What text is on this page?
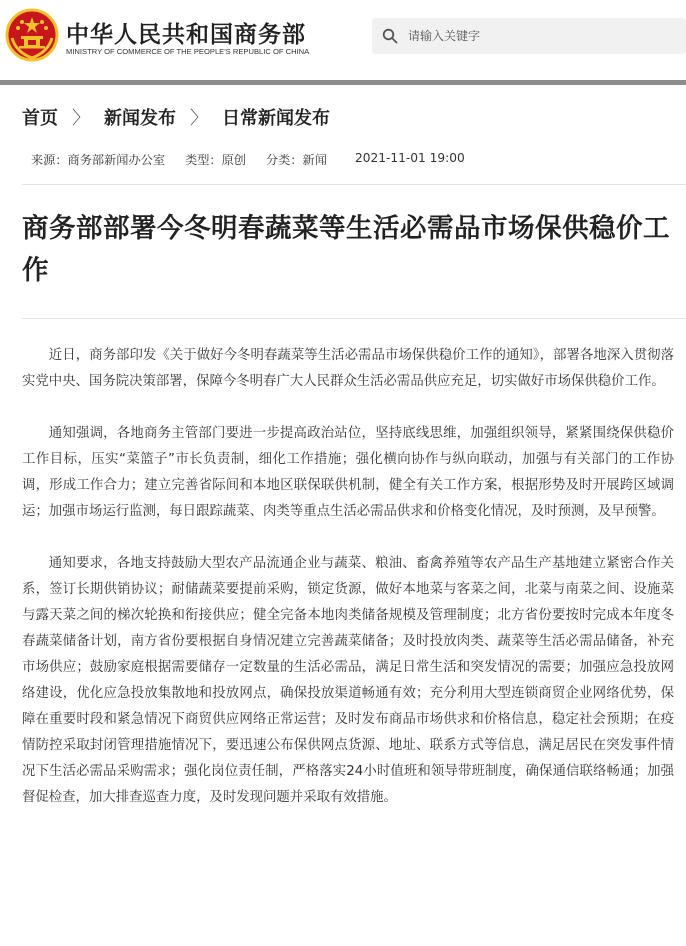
中华人民共和国商务部
MINISTRY OF COMMERCE OF THE PEOPLE'S REPUBLIC OF CHINA
请输入关键字
首页 〉 新闻发布 〉 日常新闻发布
来源：商务部新闻办公室 类型：原创 分类：新闻 2021-11-01 19:00
商务部部署今冬明春蔬菜等生活必需品市场保供稳价工作

近日，商务部印发《关于做好今冬明春蔬菜等生活必需品市场保供稳价工作的通知》，部署各地深入贯彻落实党中央、国务院决策部署，保障今冬明春广大人民群众生活必需品供应充足，切实做好市场保供稳价工作。

通知强调，各地商务主管部门要进一步提高政治站位，坚持底线思维，加强组织领导，紧紧围绕保供稳价工作目标，压实“菜篮子”市长负责制，细化工作措施；强化横向协作与纵向联动，加强与有关部门的工作协调，形成工作合力；建立完善省际间和本地区联保联供机制，健全有关工作方案，根据形势及时开展跨区域调运；加强市场运行监测，每日跟踪蔬菜、肉类等重点生活必需品供求和价格变化情况，及时预测，及早预警。

通知要求，各地支持鼓励大型农产品流通企业与蔬菜、粮油、畜禽养殖等农产品生产基地建立紧密合作关系，签订长期供销协议；耐储蔬菜要提前采购，锁定货源，做好本地菜与客菜之间，北菜与南菜之间、设施菜与露天菜之间的梯次轮换和衔接供应；健全完备本地肉类储备规模及管理制度；北方省份要按时完成本年度冬春蔬菜储备计划，南方省份要根据自身情况建立完善蔬菜储备；及时投放肉类、蔬菜等生活必需品储备，补充市场供应；鼓励家庭根据需要储存一定数量的生活必需品，满足日常生活和突发情况的需要；加强应急投放网络建设，优化应急投放集散地和投放网点，确保投放渠道畅通有效；充分利用大型连锁商贸企业网络优势，保障在重要时段和紧急情况下商贸供应网络正常运营；及时发布商品市场供求和价格信息，稳定社会预期；在疫情防控采取封闭管理措施情况下，要迅速公布保供网点货源、地址、联系方式等信息，满足居民在突发事件情况下生活必需品采购需求；强化岗位责任制，严格落实24小时值班和领导带班制度，确保通信联络畅通；加强督促检查，加大排查巡查力度，及时发现问题并采取有效措施。
